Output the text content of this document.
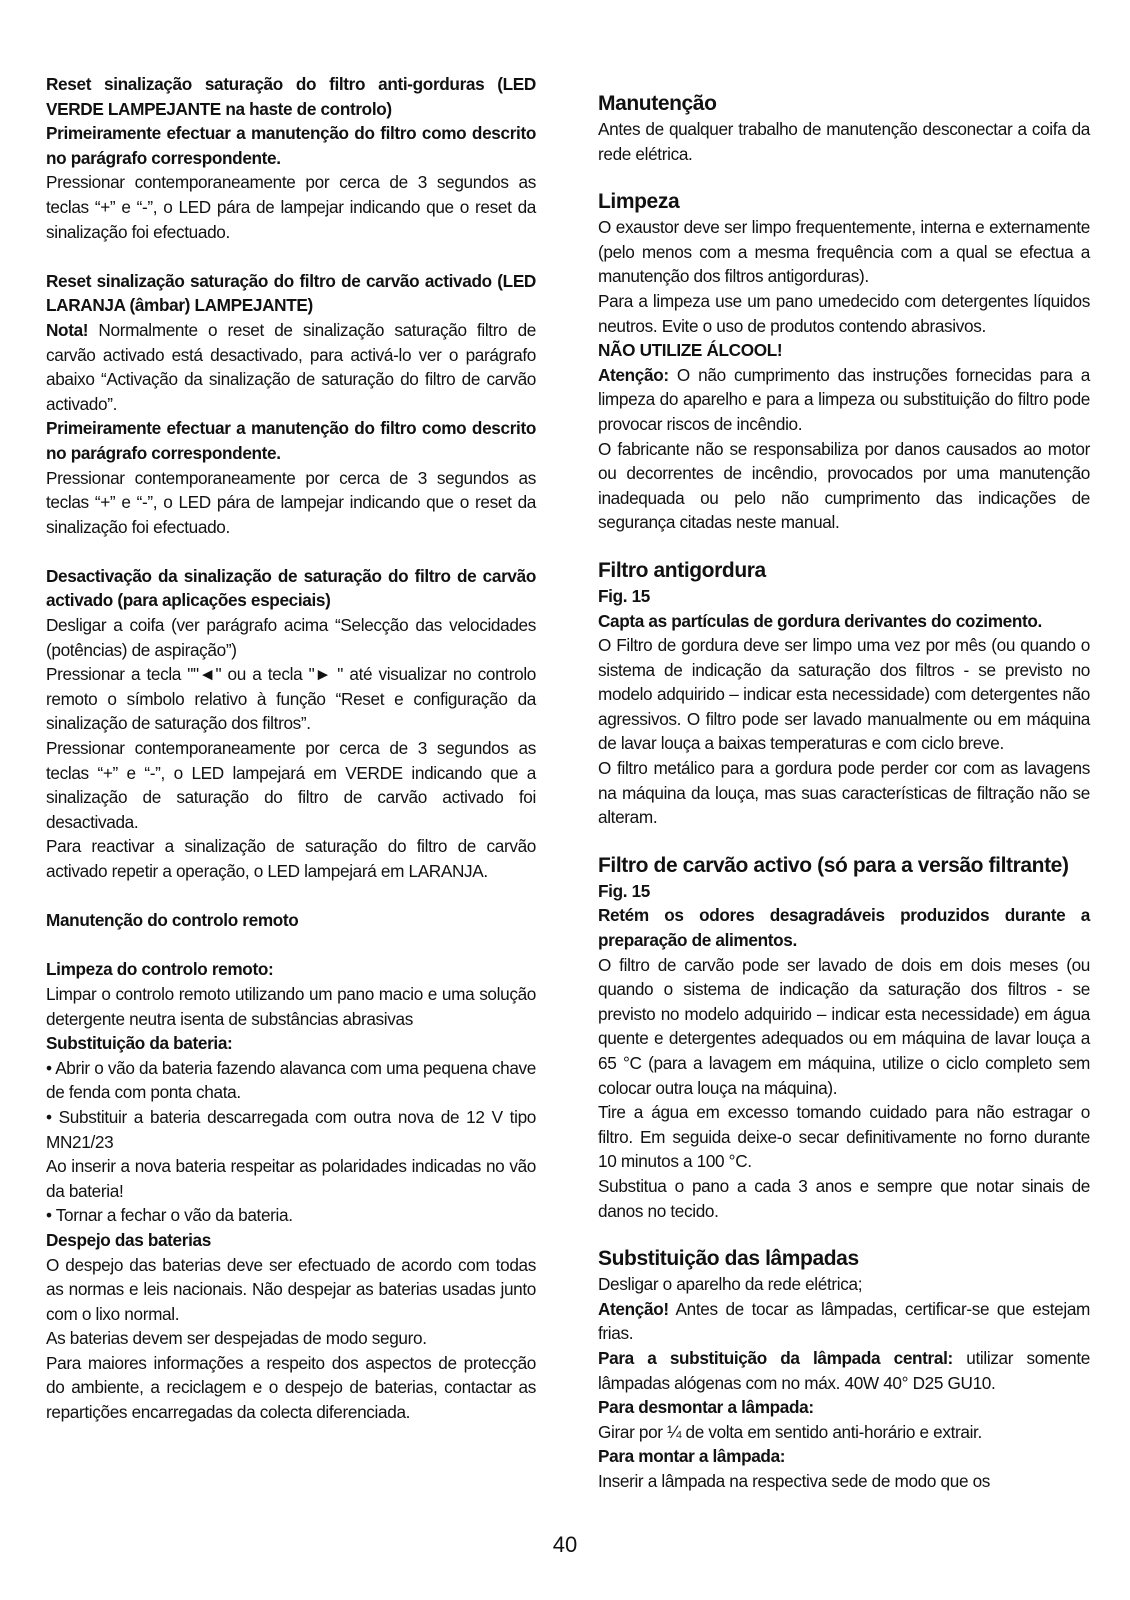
Reset sinalização saturação do filtro anti-gorduras (LED VERDE LAMPEJANTE na haste de controlo)

Primeiramente efectuar a manutenção do filtro como descrito no parágrafo correspondente.

Pressionar contemporaneamente por cerca de 3 segundos as teclas “+” e “-”, o LED pára de lampejar indicando que o reset da sinalização foi efectuado.

Reset sinalização saturação do filtro de carvão activado (LED LARANJA (âmbar) LAMPEJANTE)

Nota! Normalmente o reset de sinalização saturação filtro de carvão activado está desactivado, para activá-lo ver o parágrafo abaixo “Activação da sinalização de saturação do filtro de carvão activado”.

Primeiramente efectuar a manutenção do filtro como descrito no parágrafo correspondente.

Pressionar contemporaneamente por cerca de 3 segundos as teclas “+” e “-”, o LED pára de lampejar indicando que o reset da sinalização foi efectuado.

Desactivação da sinalização de saturação do filtro de carvão activado (para aplicações especiais)

Desligar a coifa (ver parágrafo acima “Selecção das velocidades (potências) de aspiração”)

Pressionar a tecla ""◄" ou a tecla "► " até visualizar no controlo remoto o símbolo relativo à função “Reset e configuração da sinalização de saturação dos filtros”.

Pressionar contemporaneamente por cerca de 3 segundos as teclas “+” e “-”, o LED lampejará em VERDE indicando que a sinalização de saturação do filtro de carvão activado foi desactivada.

Para reactivar a sinalização de saturação do filtro de carvão activado repetir a operação, o LED lampejará em LARANJA.

Manutenção do controlo remoto

Limpeza do controlo remoto:

Limpar o controlo remoto utilizando um pano macio e uma solução detergente neutra isenta de substâncias abrasivas

Substituição da bateria:

• Abrir o vão da bateria fazendo alavanca com uma pequena chave de fenda com ponta chata.

• Substituir a bateria descarregada com outra nova de 12 V tipo MN21/23

Ao inserir a nova bateria respeitar as polaridades indicadas no vão da bateria!

• Tornar a fechar o vão da bateria.

Despejo das baterias

O despejo das baterias deve ser efectuado de acordo com todas as normas e leis nacionais. Não despejar as baterias usadas junto com o lixo normal.

As baterias devem ser despejadas de modo seguro.

Para maiores informações a respeito dos aspectos de protecção do ambiente, a reciclagem e o despejo de baterias, contactar as repartições encarregadas da colecta diferenciada.

Manutenção

Antes de qualquer trabalho de manutenção desconectar a coifa da rede elétrica.

Limpeza

O exaustor deve ser limpo frequentemente, interna e externamente (pelo menos com a mesma frequência com a qual se efectua a manutenção dos filtros antigorduras).

Para a limpeza use um pano umedecido com detergentes líquidos neutros. Evite o uso de produtos contendo abrasivos.

NÃO UTILIZE ÁLCOOL!

Atenção: O não cumprimento das instruções fornecidas para a limpeza do aparelho e para a limpeza ou substituição do filtro pode provocar riscos de incêndio.

O fabricante não se responsabiliza por danos causados ao motor ou decorrentes de incêndio, provocados por uma manutenção inadequada ou pelo não cumprimento das indicações de segurança citadas neste manual.

Filtro antigordura

Fig. 15

Capta as partículas de gordura derivantes do cozimento.

O Filtro de gordura deve ser limpo uma vez por mês (ou quando o sistema de indicação da saturação dos filtros - se previsto no modelo adquirido – indicar esta necessidade) com detergentes não agressivos. O filtro pode ser lavado manualmente ou em máquina de lavar louça a baixas temperaturas e com ciclo breve.

O filtro metálico para a gordura pode perder cor com as lavagens na máquina da louça, mas suas características de filtração não se alteram.

Filtro de carvão activo (só para a versão filtrante)

Fig. 15

Retém os odores desagradáveis produzidos durante a preparação de alimentos.

O filtro de carvão pode ser lavado de dois em dois meses (ou quando o sistema de indicação da saturação dos filtros - se previsto no modelo adquirido – indicar esta necessidade) em água quente e detergentes adequados ou em máquina de lavar louça a 65 °C (para a lavagem em máquina, utilize o ciclo completo sem colocar outra louça na máquina).

Tire a água em excesso tomando cuidado para não estragar o filtro. Em seguida deixe-o secar definitivamente no forno durante 10 minutos a 100 °C.

Substitua o pano a cada 3 anos e sempre que notar sinais de danos no tecido.

Substituição das lâmpadas

Desligar o aparelho da rede elétrica;

Atenção! Antes de tocar as lâmpadas, certificar-se que estejam frias.

Para a substituição da lâmpada central: utilizar somente lâmpadas alógenas com no máx. 40W 40° D25 GU10.

Para desmontar a lâmpada:

Girar por ¼ de volta em sentido anti-horário e extrair.

Para montar a lâmpada:

Inserir a lâmpada na respectiva sede de modo que os

40
